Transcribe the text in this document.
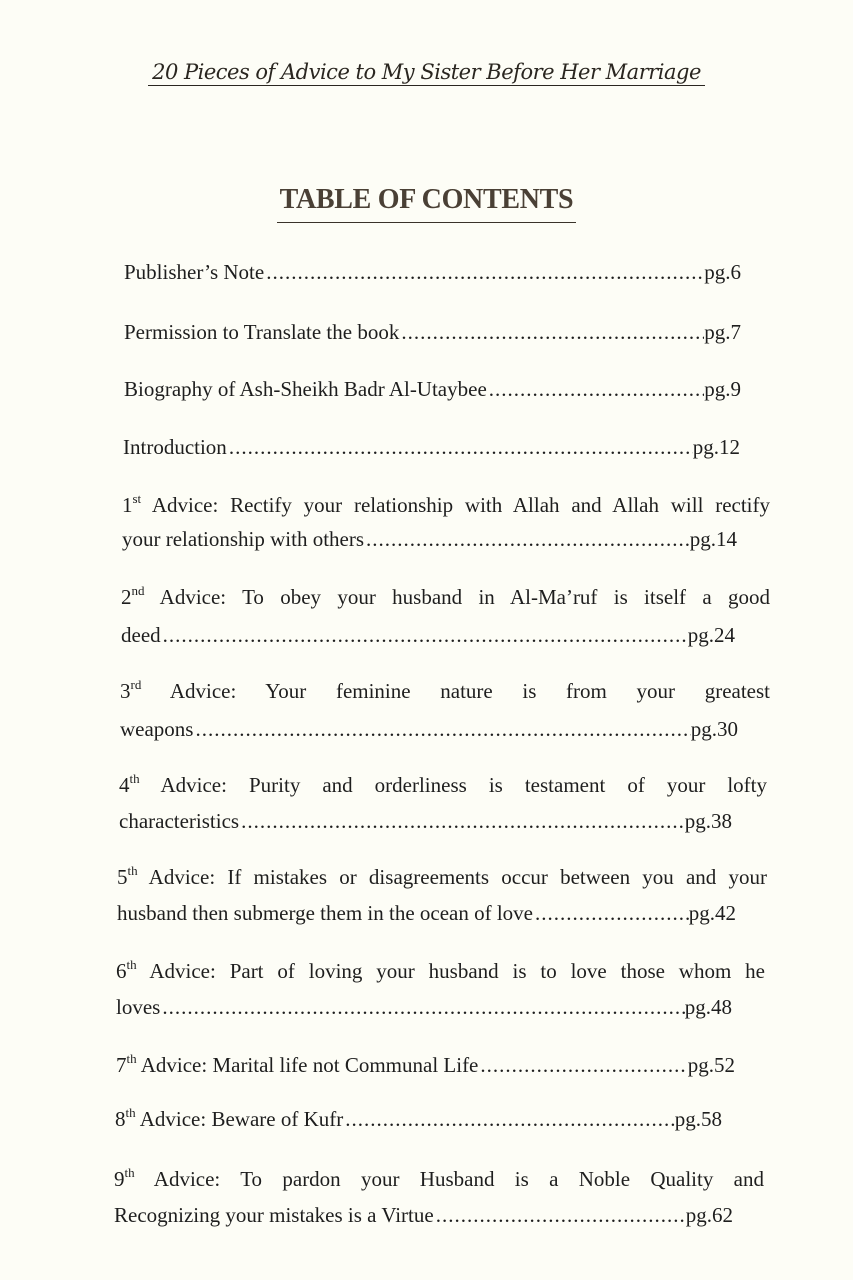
20 Pieces of Advice to My Sister Before Her Marriage
TABLE OF CONTENTS
Publisher’s Note .....	pg.6
Permission to Translate the book .....	pg.7
Biography of Ash-Sheikh Badr Al-Utaybee .....	pg.9
Introduction .....	pg.12
1st Advice: Rectify your relationship with Allah and Allah will rectify
your relationship with others .....	pg.14
2nd Advice: To obey your husband in Al-Ma’ruf is itself a good
deed .....	pg.24
3rd Advice: Your feminine nature is from your greatest
weapons .....	pg.30
4th Advice: Purity and orderliness is testament of your lofty
characteristics .....	pg.38
5th Advice: If mistakes or disagreements occur between you and your
husband then submerge them in the ocean of love .....	pg.42
6th Advice: Part of loving your husband is to love those whom he
loves .....	pg.48
7th Advice: Marital life not Communal Life .....	pg.52
8th Advice: Beware of Kufr .....	pg.58
9th Advice: To pardon your Husband is a Noble Quality and
Recognizing your mistakes is a Virtue .....	pg.62
